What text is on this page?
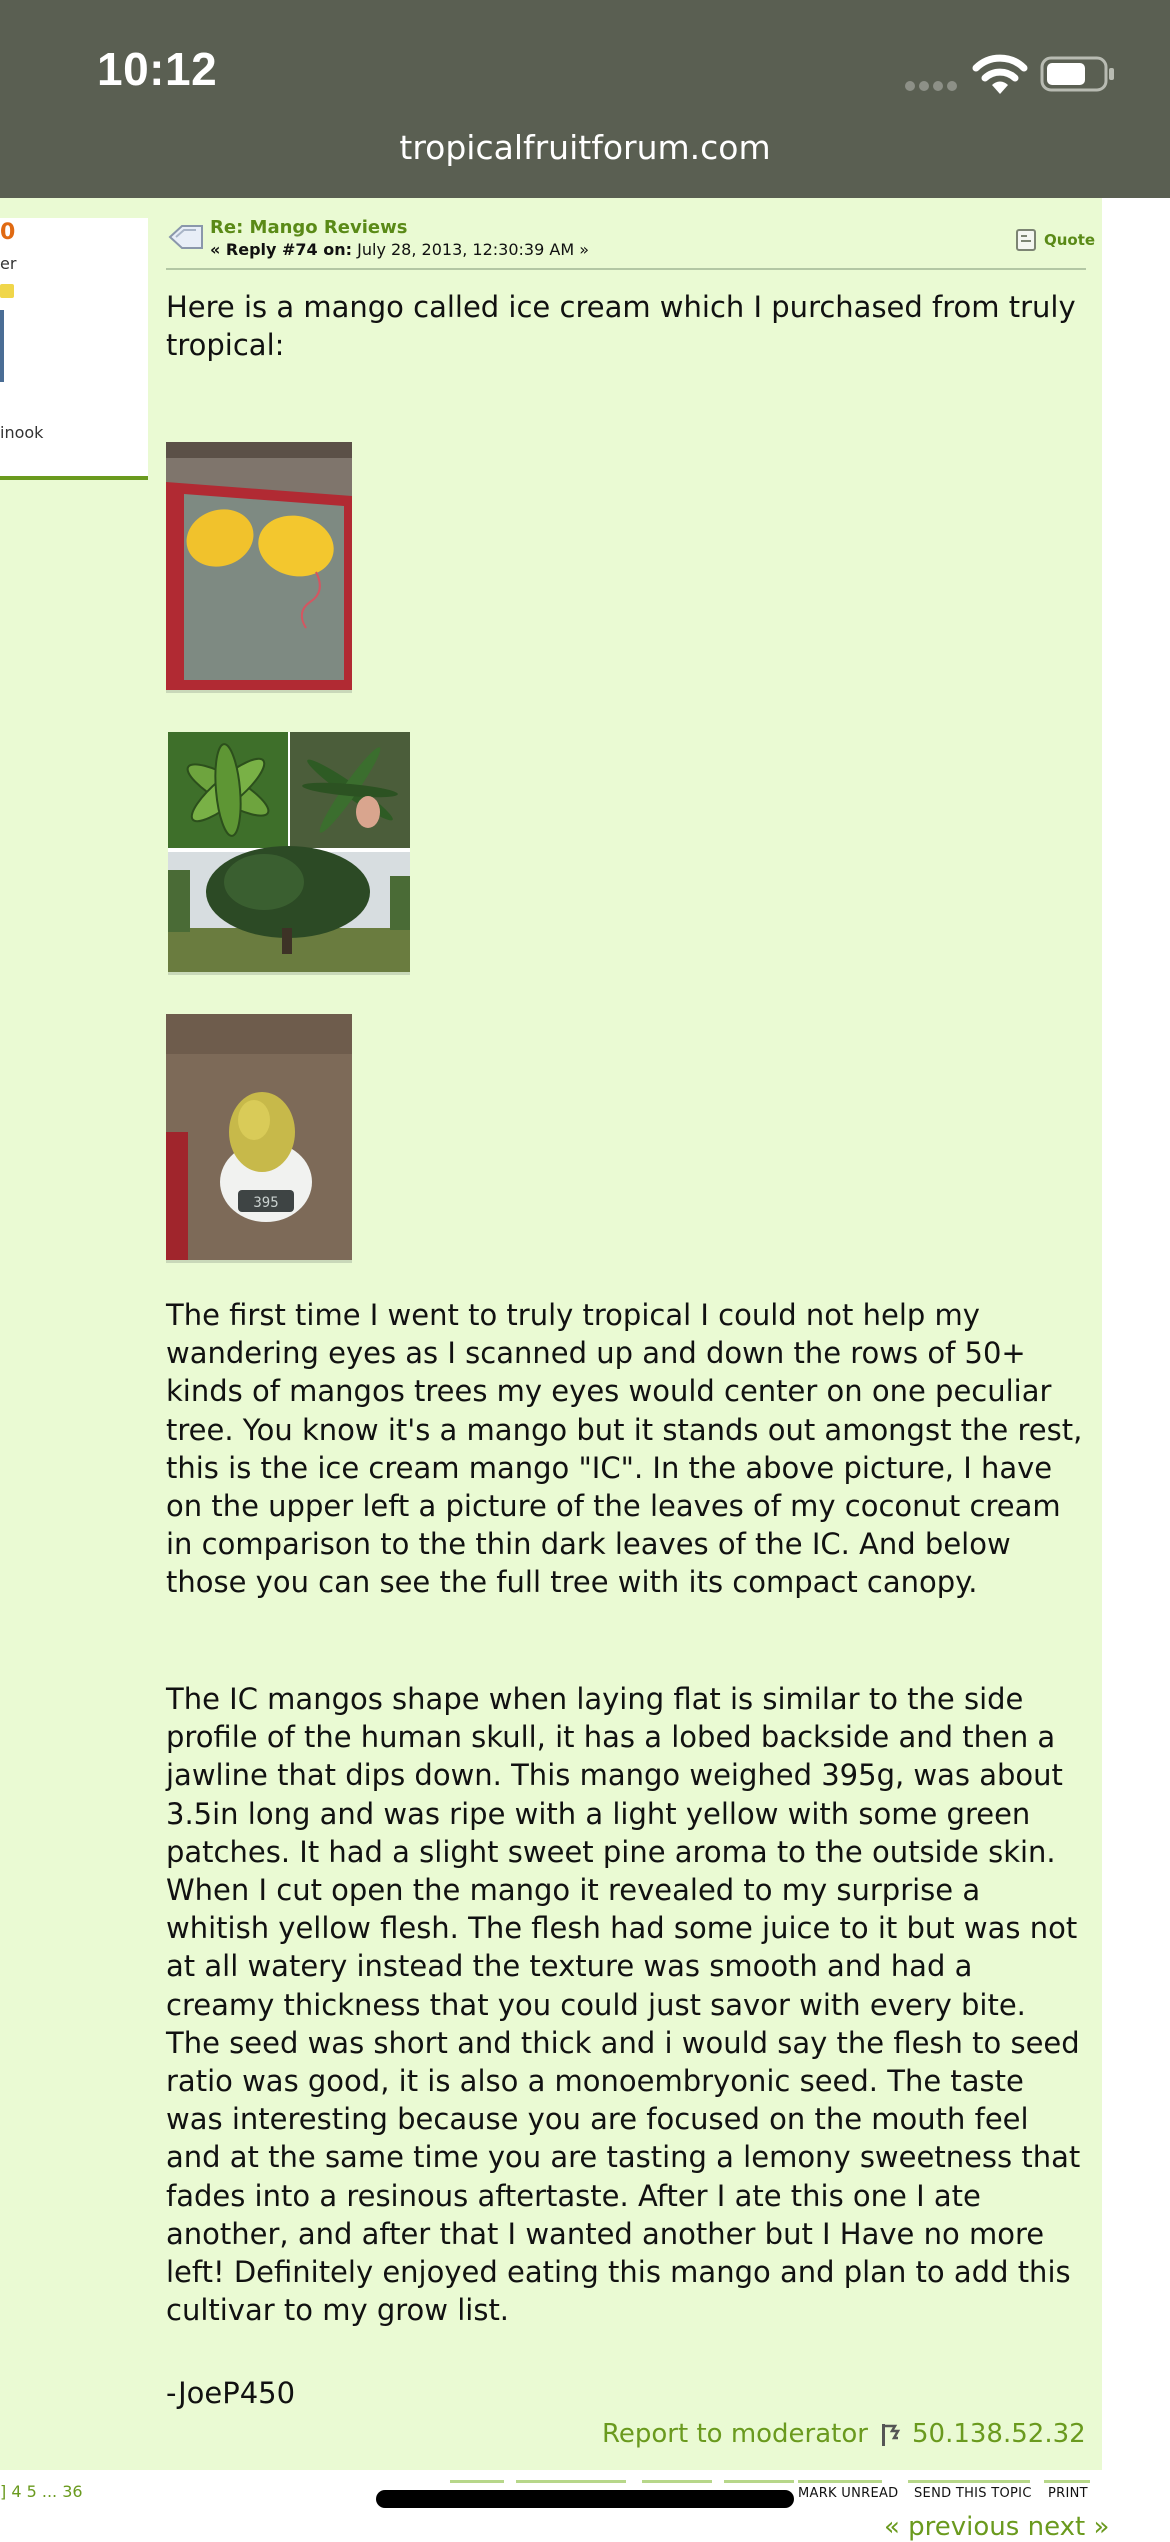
10:12
tropicalfruitforum.com
0
er
inook
Re: Mango Reviews
« Reply #74 on: July 28, 2013, 12:30:39 AM »	Quote
Here is a mango called ice cream which I purchased from truly tropical:
395
The first time I went to truly tropical I could not help my wandering eyes as I scanned up and down the rows of 50+ kinds of mangos trees my eyes would center on one peculiar tree. You know it's a mango but it stands out amongst the rest, this is the ice cream mango "IC". In the above picture, I have on the upper left a picture of the leaves of my coconut cream in comparison to the thin dark leaves of the IC. And below those you can see the full tree with its compact canopy.
The IC mangos shape when laying flat is similar to the side profile of the human skull, it has a lobed backside and then a jawline that dips down. This mango weighed 395g, was about 3.5in long and was ripe with a light yellow with some green patches. It had a slight sweet pine aroma to the outside skin. When I cut open the mango it revealed to my surprise a whitish yellow flesh. The flesh had some juice to it but was not at all watery instead the texture was smooth and had a creamy thickness that you could just savor with every bite. The seed was short and thick and i would say the flesh to seed ratio was good, it is also a monoembryonic seed. The taste was interesting because you are focused on the mouth feel and at the same time you are tasting a lemony sweetness that fades into a resinous aftertaste. After I ate this one I ate another, and after that I wanted another but I Have no more left! Definitely enjoyed eating this mango and plan to add this cultivar to my grow list.
-JoeP450
Report to moderator 50.138.52.32
] 4 5 ... 36	MARK UNREAD SEND THIS TOPIC PRINT
« previous next »
